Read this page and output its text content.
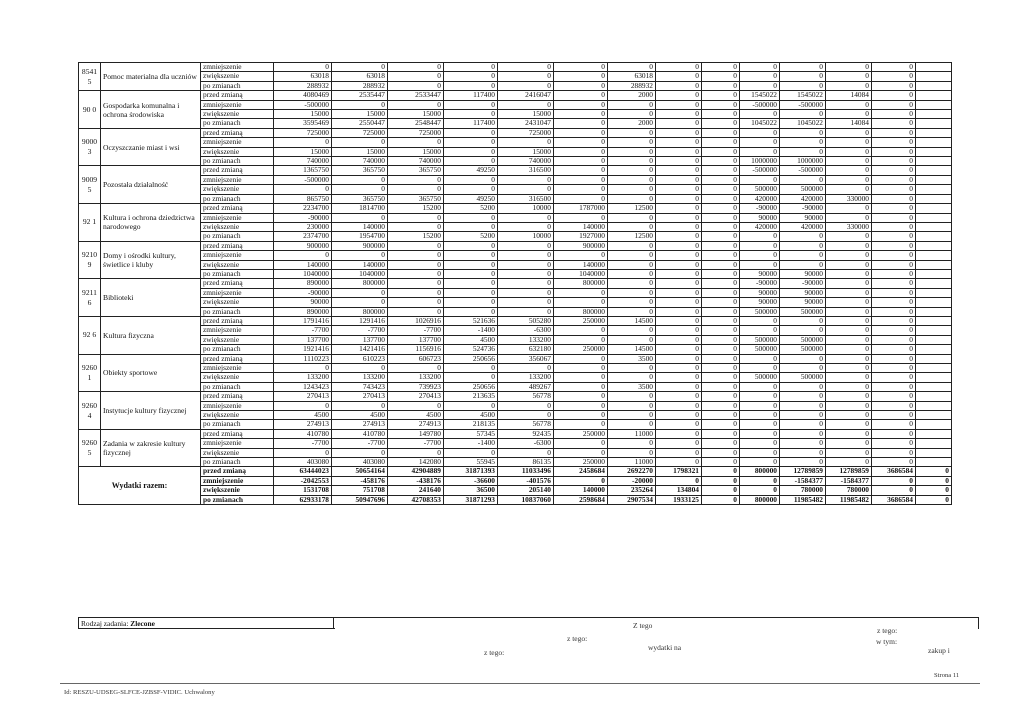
8541 5	Pomoc materialna dla uczniów	zmniejszenie	0	0	0	0	0	0	0	0	0	0	0	0	0	
		zwiększenie	63018	63018	0	0	0	0	63018	0	0	0	0	0	0	
		po zmianach	288932	288932	0	0	0	0	288932	0	0	0	0	0	0	
90 0	Gospodarka komunalna i ochrona środowiska	przed zmianą	4080469	2535447	2533447	117400	2416047	0	2000	0	0	1545022	1545022	14084	0	
		zmniejszenie	-500000	0	0	0	0	0	0	0	0	-500000	-500000	0	0	
		zwiększenie	15000	15000	15000	0	15000	0	0	0	0	0	0	0	0	
		po zmianach	3595469	2550447	2548447	117400	2431047	0	2000	0	0	1045022	1045022	14084	0	
9000 3	Oczyszczanie miast i wsi	przed zmianą	725000	725000	725000	0	725000	0	0	0	0	0	0	0	0	
		zmniejszenie	0	0	0	0	0	0	0	0	0	0	0	0	0	
		zwiększenie	15000	15000	15000	0	15000	0	0	0	0	0	0	0	0	
		po zmianach	740000	740000	740000	0	740000	0	0	0	0	1000000	1000000	0	0	
9009 5	Pozostała działalność	przed zmianą	1365750	365750	365750	49250	316500	0	0	0	0	-500000	-500000	0	0	
		zmniejszenie	-500000	0	0	0	0	0	0	0	0	0	0	0	0	
		zwiększenie	0	0	0	0	0	0	0	0	0	500000	500000	0	0	
		po zmianach	865750	365750	365750	49250	316500	0	0	0	0	420000	420000	330000	0	
92 1	Kultura i ochrona dziedzictwa narodowego	przed zmianą	2234700	1814700	15200	5200	10000	1787000	12500	0	0	-90000	-90000	0	0	
		zmniejszenie	-90000	0	0	0	0	0	0	0	0	90000	90000	0	0	
		zwiększenie	230000	140000	0	0	0	140000	0	0	0	420000	420000	330000	0	
		po zmianach	2374700	1954700	15200	5200	10000	1927000	12500	0	0	0	0	0	0	
9210 9	Domy i ośrodki kultury, świetlice i kluby	przed zmianą	900000	900000	0	0	0	900000	0	0	0	0	0	0	0	
		zmniejszenie	0	0	0	0	0	0	0	0	0	0	0	0	0	
		zwiększenie	140000	140000	0	0	0	140000	0	0	0	0	0	0	0	
		po zmianach	1040000	1040000	0	0	0	1040000	0	0	0	90000	90000	0	0	
9211 6	Biblioteki	przed zmianą	890000	800000	0	0	0	800000	0	0	0	-90000	-90000	0	0	
		zmniejszenie	-90000	0	0	0	0	0	0	0	0	90000	90000	0	0	
		zwiększenie	90000	0	0	0	0	0	0	0	0	90000	90000	0	0	
		po zmianach	890000	800000	0	0	0	800000	0	0	0	500000	500000	0	0	
92 6	Kultura fizyczna	przed zmianą	1791416	1291416	1026916	521636	505280	250000	14500	0	0	0	0	0	0	
		zmniejszenie	-7700	-7700	-7700	-1400	-6300	0	0	0	0	0	0	0	0	
		zwiększenie	137700	137700	137700	4500	133200	0	0	0	0	500000	500000	0	0	
		po zmianach	1921416	1421416	1156916	524736	632180	250000	14500	0	0	500000	500000	0	0	
9260 1	Obiekty sportowe	przed zmianą	1110223	610223	606723	250656	356067	0	3500	0	0	0	0	0	0	
		zmniejszenie	0	0	0	0	0	0	0	0	0	0	0	0	0	
		zwiększenie	133200	133200	133200	0	133200	0	0	0	0	500000	500000	0	0	
		po zmianach	1243423	743423	739923	250656	489267	0	3500	0	0	0	0	0	0	
9260 4	Instytucje kultury fizycznej	przed zmianą	270413	270413	270413	213635	56778	0	0	0	0	0	0	0	0	
		zmniejszenie	0	0	0	0	0	0	0	0	0	0	0	0	0	
		zwiększenie	4500	4500	4500	4500	0	0	0	0	0	0	0	0	0	
		po zmianach	274913	274913	274913	218135	56778	0	0	0	0	0	0	0	0	
9260 5	Zadania w zakresie kultury fizycznej	przed zmianą	410780	410780	149780	57345	92435	250000	11000	0	0	0	0	0	0	
		zmniejszenie	-7700	-7700	-7700	-1400	-6300	0	0	0	0	0	0	0	0	
		zwiększenie	0	0	0	0	0	0	0	0	0	0	0	0	0	
		po zmianach	403080	403080	142080	55945	86135	250000	11000	0	0	0	0	0	0	
Wydatki razem:		przed zmianą	63444023	50654164	42904889	31871393	11033496	2458684	2692270	1798321	0	800000	12789859	12789859	3686584	0
		zmniejszenie	-2042553	-458176	-438176	-36600	-401576	0	-20000	0	0	0	-1584377	-1584377	0	0
		zwiększenie	1531708	751708	241640	36500	205140	140000	235264	134804	0	0	780000	780000	0	0
		po zmianach	62933178	50947696	42708353	31871293	10837060	2598684	2907534	1933125	0	800000	11985482	11985482	3686584	0
Rodzaj zadania: Zlecone		Z tego
z tego:
z tego:
z tego:
wydatki na
w tym:
zakup i
Strona 11
Id: RESZU-UDSEG-SLFCE-JZBSF-VIDIC. Uchwalony
